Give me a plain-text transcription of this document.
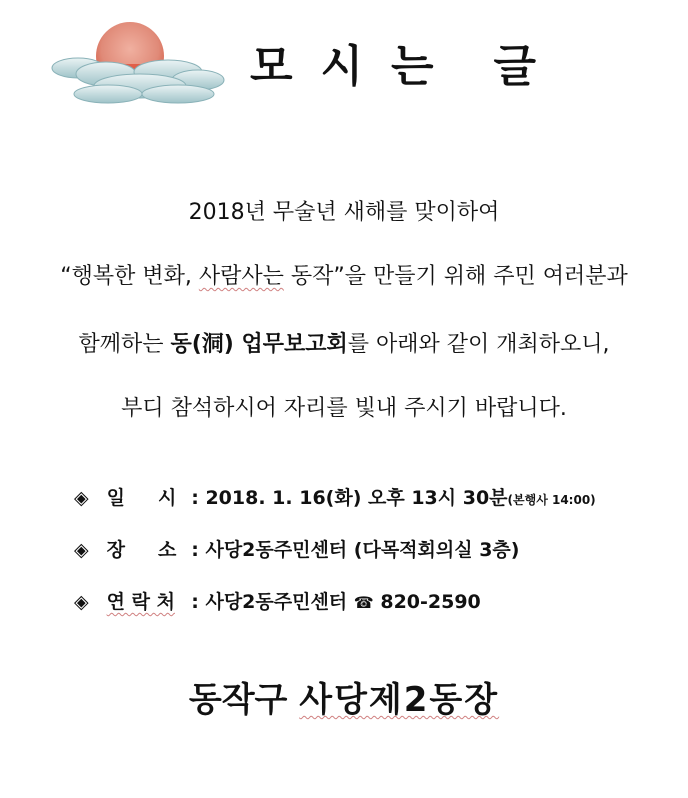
모 시 는 글
2018년 무술년 새해를 맞이하여
“행복한 변화, 사람사는 동작”을 만들기 위해 주민 여러분과
함께하는 동(洞) 업무보고회를 아래와 같이 개최하오니,
부디 참석하시어 자리를 빛내 주시기 바랍니다.
◈ 일     시 : 2018. 1. 16(화) 오후 13시 30분(본행사 14:00)
◈ 장     소 : 사당2동주민센터 (다목적회의실 3층)
◈ 연 락 처 : 사당2동주민센터 ☎ 820-2590
동작구 사당제2동장
